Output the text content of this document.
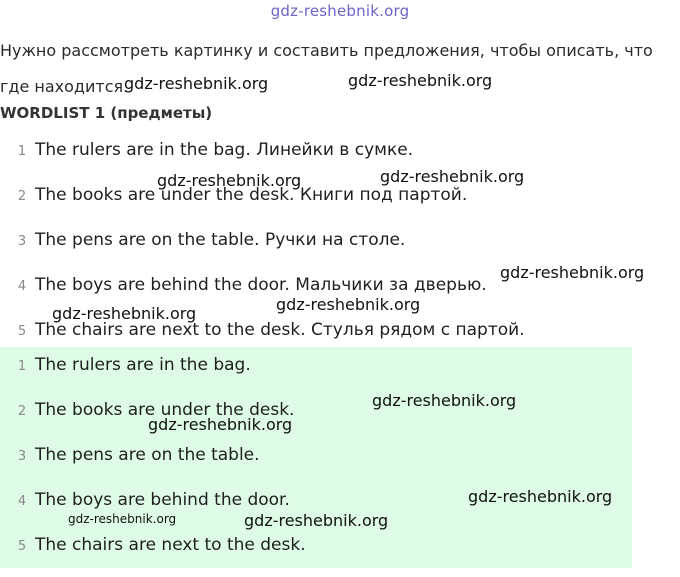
gdz-reshebnik.org
Нужно рассмотреть картинку и составить предложения, чтобы описать, что где находится.
WORDLIST 1 (предметы)
1 The rulers are in the bag. Линейки в сумке.
2 The books are under the desk. Книги под партой.
3 The pens are on the table. Ручки на столе.
4 The boys are behind the door. Мальчики за дверью.
5 The chairs are next to the desk. Стулья рядом с партой.
1 The rulers are in the bag.
2 The books are under the desk.
3 The pens are on the table.
4 The boys are behind the door.
5 The chairs are next to the desk.
gdz-reshebnik.org	gdz-reshebnik.org
gdz-reshebnik.org	gdz-reshebnik.org
gdz-reshebnik.org
gdz-reshebnik.org	gdz-reshebnik.org
gdz-reshebnik.org
gdz-reshebnik.org
gdz-reshebnik.org
gdz-reshebnik.org	gdz-reshebnik.org
